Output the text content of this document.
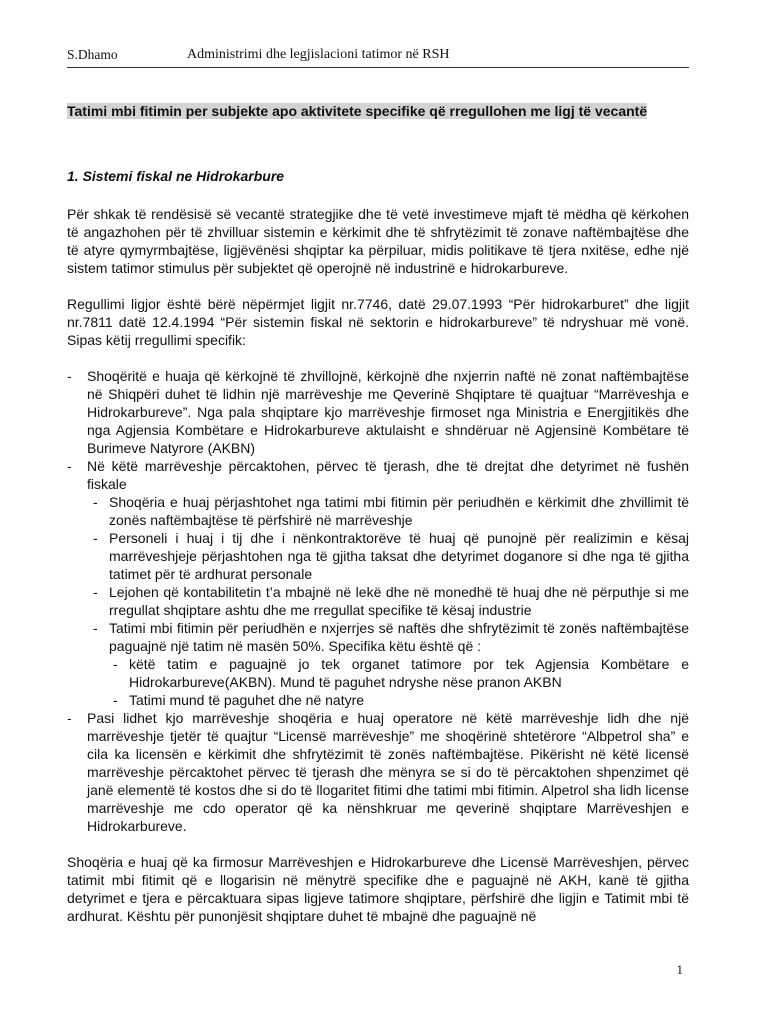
S.Dhamo	Administrimi dhe legjislacioni tatimor në RSH

Tatimi mbi fitimin per subjekte apo aktivitete specifike që rregullohen me ligj të vecantë

1. Sistemi fiskal ne Hidrokarbure

Për shkak të rendësisë së vecantë strategjike dhe të vetë investimeve mjaft të mëdha që kërkohen të angazhohen për të zhvilluar sistemin e kërkimit dhe të shfrytëzimit të zonave naftëmbajtëse dhe të atyre qymyrmbajtëse, ligjëvënësi shqiptar ka përpiluar, midis politikave të tjera nxitëse, edhe një sistem tatimor stimulus për subjektet që operojnë në industrinë e hidrokarbureve.

Regullimi ligjor është bërë nëpërmjet ligjit nr.7746, datë 29.07.1993 “Për hidrokarburet” dhe ligjit nr.7811 datë 12.4.1994 “Për sistemin fiskal në sektorin e hidrokarbureve” të ndryshuar më vonë. Sipas këtij rregullimi specifik:

- Shoqëritë e huaja që kërkojnë të zhvillojnë, kërkojnë dhe nxjerrin naftë në zonat naftëmbajtëse në Shiqpëri duhet të lidhin një marrëveshje me Qeverinë Shqiptare të quajtuar “Marrëveshja e Hidrokarbureve”. Nga pala shqiptare kjo marrëveshje firmoset nga Ministria e Energjitikës dhe nga Agjensia Kombëtare e Hidrokarbureve aktulaisht e shndëruar në Agjensinë Kombëtare të Burimeve Natyrore (AKBN)
- Në këtë marrëveshje përcaktohen, përvec të tjerash, dhe të drejtat dhe detyrimet në fushën fiskale
- Shoqëria e huaj përjashtohet nga tatimi mbi fitimin për periudhën e kërkimit dhe zhvillimit të zonës naftëmbajtëse të përfshirë në marrëveshje
- Personeli i huaj i tij dhe i nënkontraktorëve të huaj që punojnë për realizimin e kësaj marrëveshjeje përjashtohen nga të gjitha taksat dhe detyrimet doganore si dhe nga të gjitha tatimet për të ardhurat personale
- Lejohen që kontabilitetin t’a mbajnë në lekë dhe në monedhë të huaj dhe në përputhje si me rregullat shqiptare ashtu dhe me rregullat specifike të kësaj industrie
- Tatimi mbi fitimin për periudhën e nxjerrjes së naftës dhe shfrytëzimit të zonës naftëmbajtëse paguajnë një tatim në masën 50%. Specifika këtu është që :
- këtë tatim e paguajnë jo tek organet tatimore por tek Agjensia Kombëtare e Hidrokarbureve(AKBN). Mund të paguhet ndryshe nëse pranon AKBN
- Tatimi mund të paguhet dhe në natyre
- Pasi lidhet kjo marrëveshje shoqëria e huaj operatore në këtë marrëveshje lidh dhe një marrëveshje tjetër të quajtur “Licensë marrëveshje” me shoqërinë shtetërore “Albpetrol sha” e cila ka licensën e kërkimit dhe shfrytëzimit të zonës naftëmbajtëse. Pikërisht në këtë licensë marrëveshje përcaktohet përvec të tjerash dhe mënyra se si do të përcaktohen shpenzimet që janë elementë të kostos dhe si do të llogaritet fitimi dhe tatimi mbi fitimin. Alpetrol sha lidh license marrëveshje me cdo operator që ka nënshkruar me qeverinë shqiptare Marrëveshjen e Hidrokarbureve.

Shoqëria e huaj që ka firmosur Marrëveshjen e Hidrokarbureve dhe Licensë Marrëveshjen, përvec tatimit mbi fitimit që e llogarisin në mënytrë specifike dhe e paguajnë në AKH, kanë të gjitha detyrimet e tjera e përcaktuara sipas ligjeve tatimore shqiptare, përfshirë dhe ligjin e Tatimit mbi të ardhurat. Kështu për punonjësit shqiptare duhet të mbajnë dhe paguajnë në

1
